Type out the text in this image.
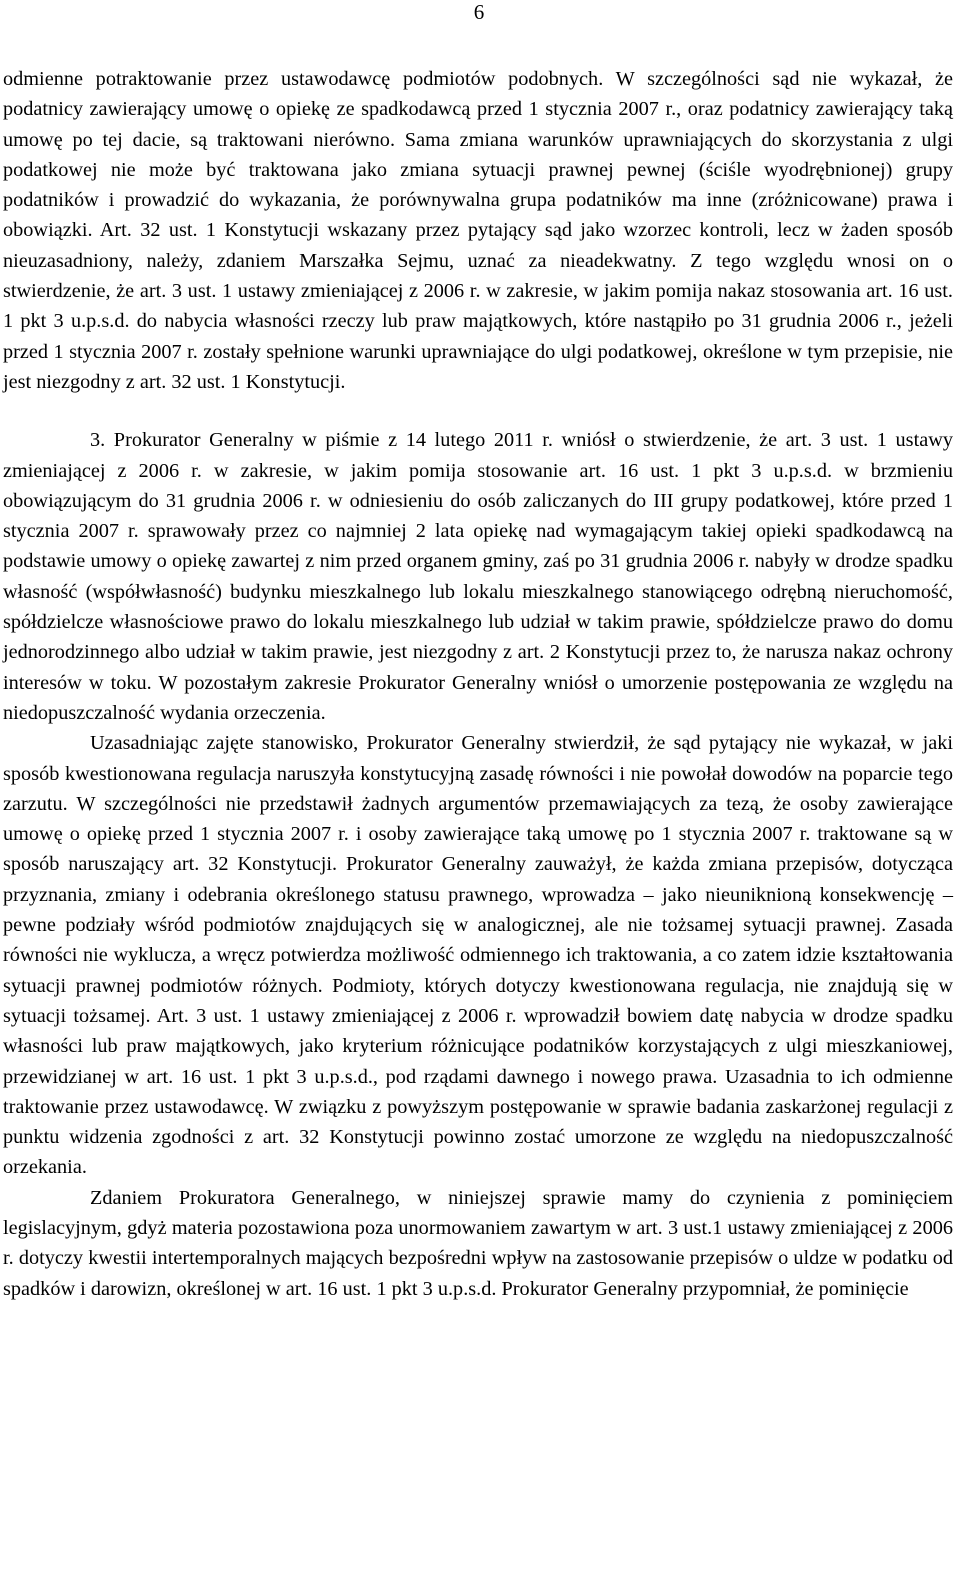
6

odmienne potraktowanie przez ustawodawcę podmiotów podobnych. W szczególności sąd nie wykazał, że podatnicy zawierający umowę o opiekę ze spadkodawcą przed 1 stycznia 2007 r., oraz podatnicy zawierający taką umowę po tej dacie, są traktowani nierówno. Sama zmiana warunków uprawniających do skorzystania z ulgi podatkowej nie może być traktowana jako zmiana sytuacji prawnej pewnej (ściśle wyodrębnionej) grupy podatników i prowadzić do wykazania, że porównywalna grupa podatników ma inne (zróżnicowane) prawa i obowiązki. Art. 32 ust. 1 Konstytucji wskazany przez pytający sąd jako wzorzec kontroli, lecz w żaden sposób nieuzasadniony, należy, zdaniem Marszałka Sejmu, uznać za nieadekwatny. Z tego względu wnosi on o stwierdzenie, że art. 3 ust. 1 ustawy zmieniającej z 2006 r. w zakresie, w jakim pomija nakaz stosowania art. 16 ust. 1 pkt 3 u.p.s.d. do nabycia własności rzeczy lub praw majątkowych, które nastąpiło po 31 grudnia 2006 r., jeżeli przed 1 stycznia 2007 r. zostały spełnione warunki uprawniające do ulgi podatkowej, określone w tym przepisie, nie jest niezgodny z art. 32 ust. 1 Konstytucji.

3. Prokurator Generalny w piśmie z 14 lutego 2011 r. wniósł o stwierdzenie, że art. 3 ust. 1 ustawy zmieniającej z 2006 r. w zakresie, w jakim pomija stosowanie art. 16 ust. 1 pkt 3 u.p.s.d. w brzmieniu obowiązującym do 31 grudnia 2006 r. w odniesieniu do osób zaliczanych do III grupy podatkowej, które przed 1 stycznia 2007 r. sprawowały przez co najmniej 2 lata opiekę nad wymagającym takiej opieki spadkodawcą na podstawie umowy o opiekę zawartej z nim przed organem gminy, zaś po 31 grudnia 2006 r. nabyły w drodze spadku własność (współwłasność) budynku mieszkalnego lub lokalu mieszkalnego stanowiącego odrębną nieruchomość, spółdzielcze własnościowe prawo do lokalu mieszkalnego lub udział w takim prawie, spółdzielcze prawo do domu jednorodzinnego albo udział w takim prawie, jest niezgodny z art. 2 Konstytucji przez to, że narusza nakaz ochrony interesów w toku. W pozostałym zakresie Prokurator Generalny wniósł o umorzenie postępowania ze względu na niedopuszczalność wydania orzeczenia.

Uzasadniając zajęte stanowisko, Prokurator Generalny stwierdził, że sąd pytający nie wykazał, w jaki sposób kwestionowana regulacja naruszyła konstytucyjną zasadę równości i nie powołał dowodów na poparcie tego zarzutu. W szczególności nie przedstawił żadnych argumentów przemawiających za tezą, że osoby zawierające umowę o opiekę przed 1 stycznia 2007 r. i osoby zawierające taką umowę po 1 stycznia 2007 r. traktowane są w sposób naruszający art. 32 Konstytucji. Prokurator Generalny zauważył, że każda zmiana przepisów, dotycząca przyznania, zmiany i odebrania określonego statusu prawnego, wprowadza – jako nieuniknioną konsekwencję – pewne podziały wśród podmiotów znajdujących się w analogicznej, ale nie tożsamej sytuacji prawnej. Zasada równości nie wyklucza, a wręcz potwierdza możliwość odmiennego ich traktowania, a co zatem idzie kształtowania sytuacji prawnej podmiotów różnych. Podmioty, których dotyczy kwestionowana regulacja, nie znajdują się w sytuacji tożsamej. Art. 3 ust. 1 ustawy zmieniającej z 2006 r. wprowadził bowiem datę nabycia w drodze spadku własności lub praw majątkowych, jako kryterium różnicujące podatników korzystających z ulgi mieszkaniowej, przewidzianej w art. 16 ust. 1 pkt 3 u.p.s.d., pod rządami dawnego i nowego prawa. Uzasadnia to ich odmienne traktowanie przez ustawodawcę. W związku z powyższym postępowanie w sprawie badania zaskarżonej regulacji z punktu widzenia zgodności z art. 32 Konstytucji powinno zostać umorzone ze względu na niedopuszczalność orzekania.

Zdaniem Prokuratora Generalnego, w niniejszej sprawie mamy do czynienia z pominięciem legislacyjnym, gdyż materia pozostawiona poza unormowaniem zawartym w art. 3 ust.1 ustawy zmieniającej z 2006 r. dotyczy kwestii intertemporalnych mających bezpośredni wpływ na zastosowanie przepisów o uldze w podatku od spadków i darowizn, określonej w art. 16 ust. 1 pkt 3 u.p.s.d. Prokurator Generalny przypomniał, że pominięcie
